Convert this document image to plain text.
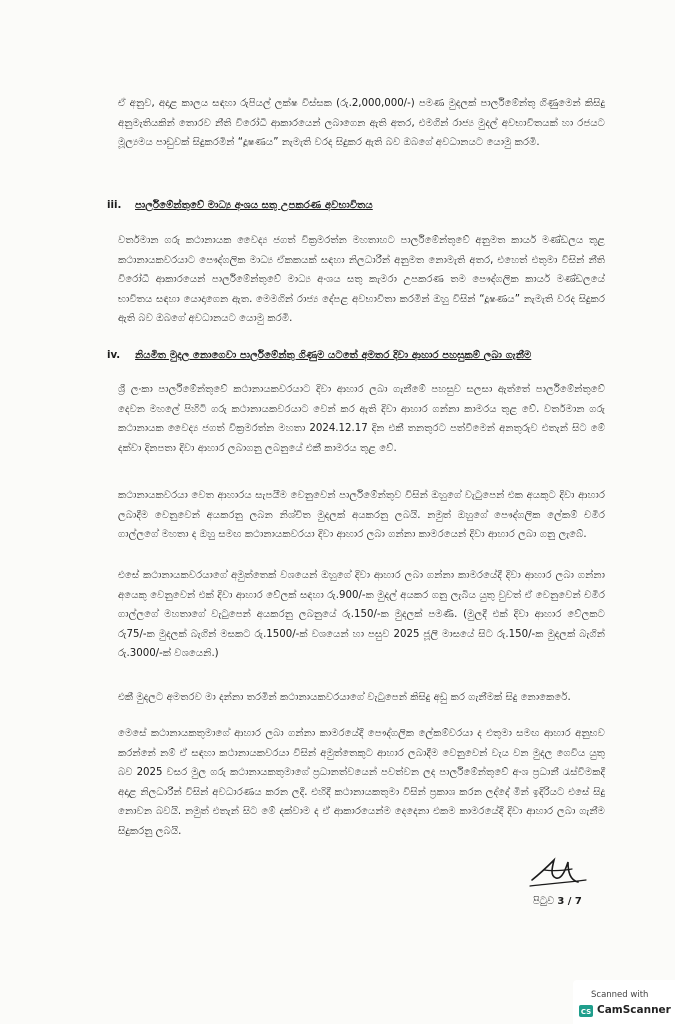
ඒ අනුව, අදාළ කාලය සඳහා රුපියල් ලක්ෂ විස්සක (රු.2,000,000/-) පමණ මුදලක් පාර්ලිමේන්තු ගිණුමෙන් කිසිදු අනුමැතියකින් තොරව නීති විරෝධී ආකාරයෙන් ලබාගෙන ඇති අතර, එමගින් රාජ්‍ය මුදල් අවභාවිතයක් හා රජයට මූල්‍යමය පාඩුවක් සිදුකරමින් “දූෂණය” නැමැති වරද සිදුකර ඇති බව ඔබගේ අවධානයට යොමු කරමි.

iii. පාර්ලිමේන්තුවේ මාධ්‍ය අංශය සතු උපකරණ අවභාවිතය

වර්තමාන ගරු කථානායක වෛද්‍ය ජගත් වික්‍රමරත්න මහතාහට පාර්ලිමේන්තුවේ අනුමත කාර්ය මණ්ඩලය තුළ කථානායකවරයාට පෞද්ගලික මාධ්‍ය ඒකකයක් සඳහා නිලධාරීන් අනුමත නොමැති අතර, එහෙත් එතුමා විසින් නීති විරෝධී ආකාරයෙන් පාර්ලිමේන්තුවේ මාධ්‍ය අංශය සතු කැමරා උපකරණ තම පෞද්ගලික කාර්ය මණ්ඩලයේ භාවිතය සඳහා යොදාගෙන ඇත. මෙමගින් රාජ්‍ය දේපළ අවභාවිතා කරමින් ඔහු විසින් “දූෂණය” නැමැති වරද සිදුකර ඇති බව ඔබගේ අවධානයට යොමු කරමි.

iv. නියමිත මුදල නොගෙවා පාර්ලිමේන්තු ගිණුම යටතේ අමතර දිවා ආහාර පහසුකම් ලබා ගැනීම

ශ්‍රී ලංකා පාර්ලිමේන්තුවේ කථානායකවරයාට දිවා ආහාර ලබා ගැනීමේ පහසුව සලසා ඇත්තේ පාර්ලිමේන්තුවේ දෙවන මහලේ පිහිටි ගරු කථානායකවරයාට වෙන් කර ඇති දිවා ආහාර ගන්නා කාමරය තුළ වේ. වර්තමාන ගරු කථානායක වෛද්‍ය ජගත් වික්‍රමරත්න මහතා 2024.12.17 දින එකී තනතුරට පත්වීමෙන් අනතුරුව එතැන් සිට මේ දක්වා දිනපතා දිවා ආහාර ලබාගනු ලබනුයේ එකී කාමරය තුළ වේ.

කථානායකවරයා වෙත ආහාරය සැපයීම වෙනුවෙන් පාර්ලිමේන්තුව විසින් ඔහුගේ වැටුපෙන් එක අයකුට දිවා ආහාර ලබාදීම වෙනුවෙන් අයකරනු ලබන නිශ්චිත මුදලක් අයකරනු ලබයි. නමුත් ඔහුගේ පෞද්ගලික ලේකම් චමීර ගාල්ලගේ මහතා ද ඔහු සමඟ කථානායකවරයා දිවා ආහාර ලබා ගන්නා කාමරයෙන් දිවා ආහාර ලබා ගනු ලැබේ.

එසේ කථානායකවරයාගේ අමුත්තෙක් වශයෙන් ඔහුගේ දිවා ආහාර ලබා ගන්නා කාමරයේදී දිවා ආහාර ලබා ගන්නා අයෙකු වෙනුවෙන් එක් දිවා ආහාර වේලක් සඳහා රු.900/-ක මුදල් අයකර ගනු ලැබිය යුතු වුවත් ඒ වෙනුවෙන් චමීර ගාල්ලගේ මහතාගේ වැටුපෙන් අයකරනු ලබනුයේ රු.150/-ක මුදලක් පමණි. (මුලදී එක් දිවා ආහාර වේලකට රු75/-ක මුදලක් බැගින් මසකට රු.1500/-ක් වශයෙන් හා පසුව 2025 ජූලි මාසයේ සිට රු.150/-ක මුදලක් බැගින් රු.3000/-ක් වශයෙනි.)

එකී මුදලට අමතරව මා දන්නා තරමින් කථානායකවරයාගේ වැටුපෙන් කිසිදු අඩු කර ගැනීමක් සිදු නොකෙරේ.

මෙසේ කථානායකතුමාගේ ආහාර ලබා ගන්නා කාමරයේදී පෞද්ගලික ලේකම්වරයා ද එතුමා සමඟ ආහාර අනුභව කරන්නේ නම් ඒ සඳහා කථානායකවරයා විසින් අමුත්තෙකුට ආහාර ලබාදීම වෙනුවෙන් වැය වන මුදල ගෙවිය යුතු බව 2025 වසර මුල ගරු කථානායකතුමාගේ ප්‍රධානත්වයෙන් පවත්වන ලද පාර්ලිමේන්තුවේ අංශ ප්‍රධානී රැස්වීමකදී අදාළ නිලධාරීන් විසින් අවධාරණය කරන ලදී. එහිදී කථානායකතුමා විසින් ප්‍රකාශ කරන ලද්දේ මින් ඉදිරියට එසේ සිදු නොවන බවයි. නමුත් එතැන් සිට මේ දක්වාම ද ඒ ආකාරයෙන්ම දෙදෙනා එකම කාමරයේදී දිවා ආහාර ලබා ගැනීම සිදුකරනු ලබයි.

පිටුව 3 / 7
Scanned with
CS CamScanner
